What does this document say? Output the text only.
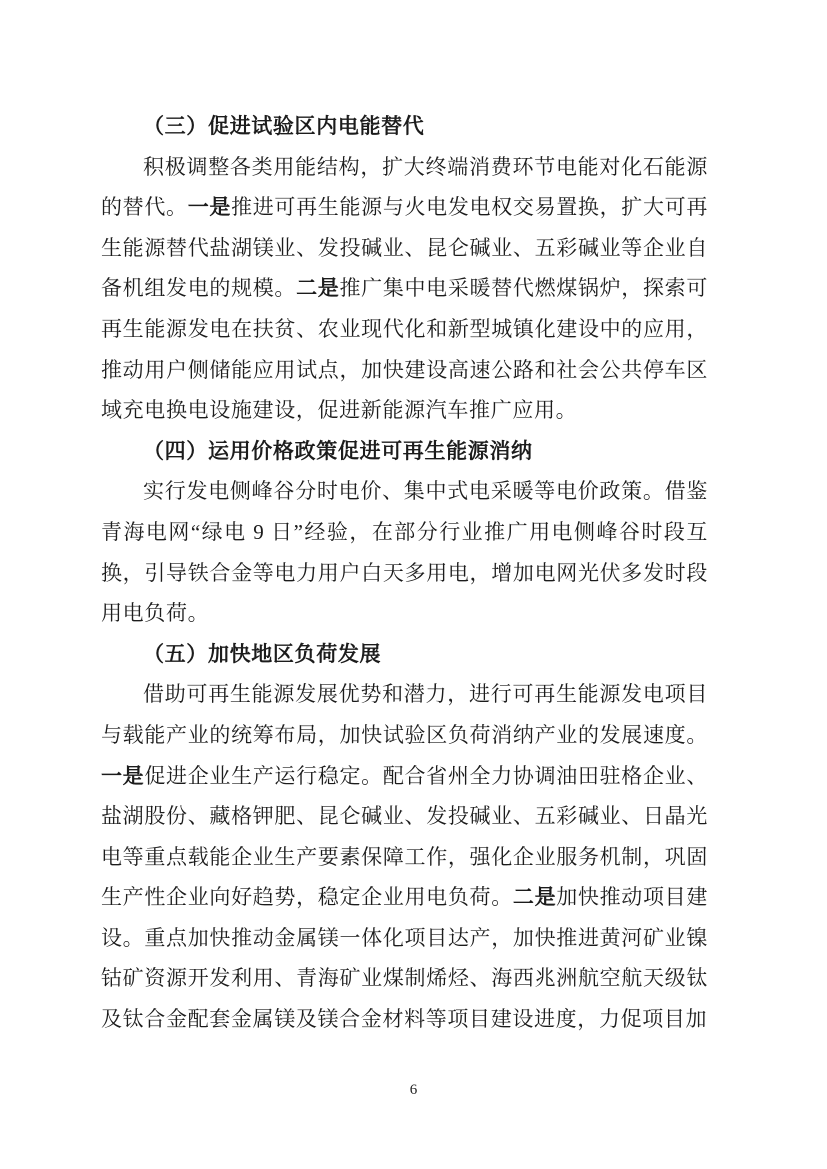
（三）促进试验区内电能替代

积极调整各类用能结构，扩大终端消费环节电能对化石能源的替代。一是推进可再生能源与火电发电权交易置换，扩大可再生能源替代盐湖镁业、发投碱业、昆仑碱业、五彩碱业等企业自备机组发电的规模。二是推广集中电采暖替代燃煤锅炉，探索可再生能源发电在扶贫、农业现代化和新型城镇化建设中的应用，推动用户侧储能应用试点，加快建设高速公路和社会公共停车区域充电换电设施建设，促进新能源汽车推广应用。

（四）运用价格政策促进可再生能源消纳

实行发电侧峰谷分时电价、集中式电采暖等电价政策。借鉴青海电网“绿电 9 日”经验，在部分行业推广用电侧峰谷时段互换，引导铁合金等电力用户白天多用电，增加电网光伏多发时段用电负荷。

（五）加快地区负荷发展

借助可再生能源发展优势和潜力，进行可再生能源发电项目与载能产业的统筹布局，加快试验区负荷消纳产业的发展速度。一是促进企业生产运行稳定。配合省州全力协调油田驻格企业、盐湖股份、藏格钾肥、昆仑碱业、发投碱业、五彩碱业、日晶光电等重点载能企业生产要素保障工作，强化企业服务机制，巩固生产性企业向好趋势，稳定企业用电负荷。二是加快推动项目建设。重点加快推动金属镁一体化项目达产，加快推进黄河矿业镍钴矿资源开发利用、青海矿业煤制烯烃、海西兆洲航空航天级钛及钛合金配套金属镁及镁合金材料等项目建设进度，力促项目加

6
